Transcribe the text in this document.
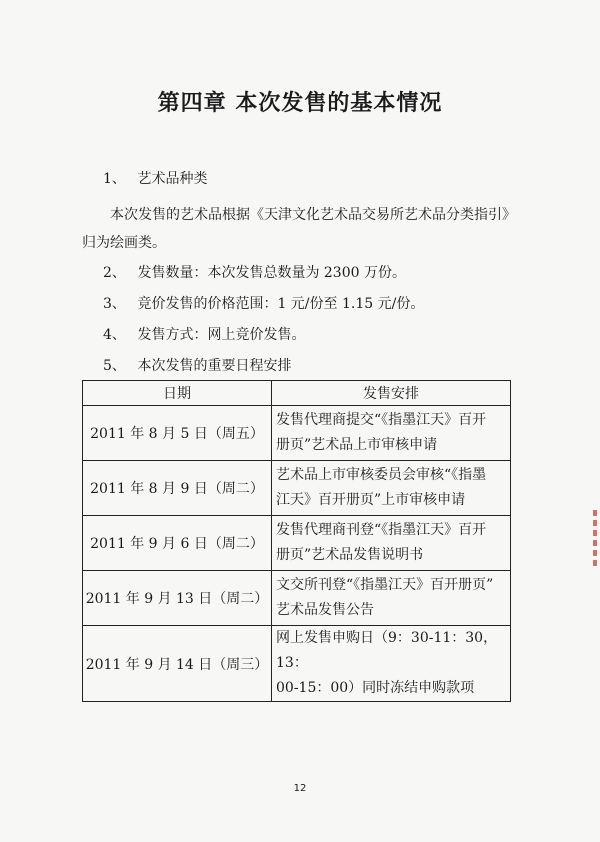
第四章 本次发售的基本情况
1、 艺术品种类
本次发售的艺术品根据《天津文化艺术品交易所艺术品分类指引》
归为绘画类。
2、 发售数量：本次发售总数量为 2300 万份。
3、 竞价发售的价格范围：1 元/份至 1.15 元/份。
4、 发售方式：网上竞价发售。
5、 本次发售的重要日程安排
日期	发售安排
2011 年 8 月 5 日（周五）	发售代理商提交“《指墨江天》百开
册页”艺术品上市审核申请

2011 年 8 月 9 日（周二）	艺术品上市审核委员会审核“《指墨
江天》百开册页”上市审核申请

2011 年 9 月 6 日（周二）	发售代理商刊登“《指墨江天》百开
册页”艺术品发售说明书

2011 年 9 月 13 日（周二）	文交所刊登“《指墨江天》百开册页”
艺术品发售公告

2011 年 9 月 14 日（周三）	网上发售申购日（9：30-11：30，13：
00-15：00）同时冻结申购款项
12
